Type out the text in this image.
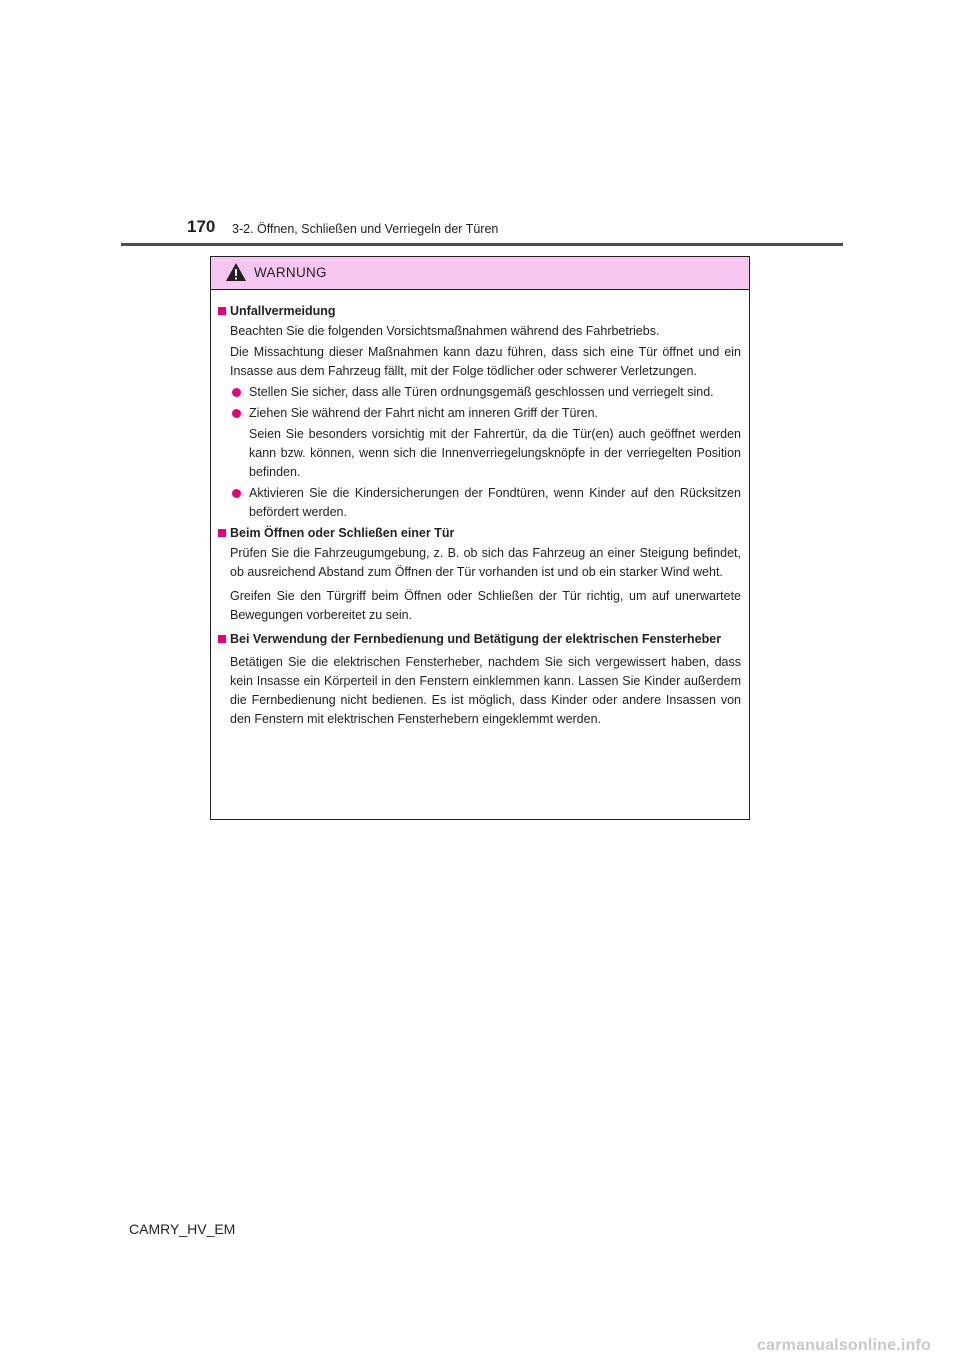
170 3-2. Öffnen, Schließen und Verriegeln der Türen
WARNUNG
Unfallvermeidung
Beachten Sie die folgenden Vorsichtsmaßnahmen während des Fahrbetriebs.
Die Missachtung dieser Maßnahmen kann dazu führen, dass sich eine Tür öffnet und ein Insasse aus dem Fahrzeug fällt, mit der Folge tödlicher oder schwerer Verletzungen.
Stellen Sie sicher, dass alle Türen ordnungsgemäß geschlossen und verriegelt sind.
Ziehen Sie während der Fahrt nicht am inneren Griff der Türen.
Seien Sie besonders vorsichtig mit der Fahrertür, da die Tür(en) auch geöffnet werden kann bzw. können, wenn sich die Innenverriegelungsknöpfe in der verriegelten Position befinden.
Aktivieren Sie die Kindersicherungen der Fondtüren, wenn Kinder auf den Rücksitzen befördert werden.
Beim Öffnen oder Schließen einer Tür
Prüfen Sie die Fahrzeugumgebung, z. B. ob sich das Fahrzeug an einer Steigung befindet, ob ausreichend Abstand zum Öffnen der Tür vorhanden ist und ob ein starker Wind weht.
Greifen Sie den Türgriff beim Öffnen oder Schließen der Tür richtig, um auf unerwartete Bewegungen vorbereitet zu sein.
Bei Verwendung der Fernbedienung und Betätigung der elektrischen Fensterheber
Betätigen Sie die elektrischen Fensterheber, nachdem Sie sich vergewissert haben, dass kein Insasse ein Körperteil in den Fenstern einklemmen kann. Lassen Sie Kinder außerdem die Fernbedienung nicht bedienen. Es ist möglich, dass Kinder oder andere Insassen von den Fenstern mit elektrischen Fensterhebern eingeklemmt werden.
CAMRY_HV_EM
carmanualsonline.info
